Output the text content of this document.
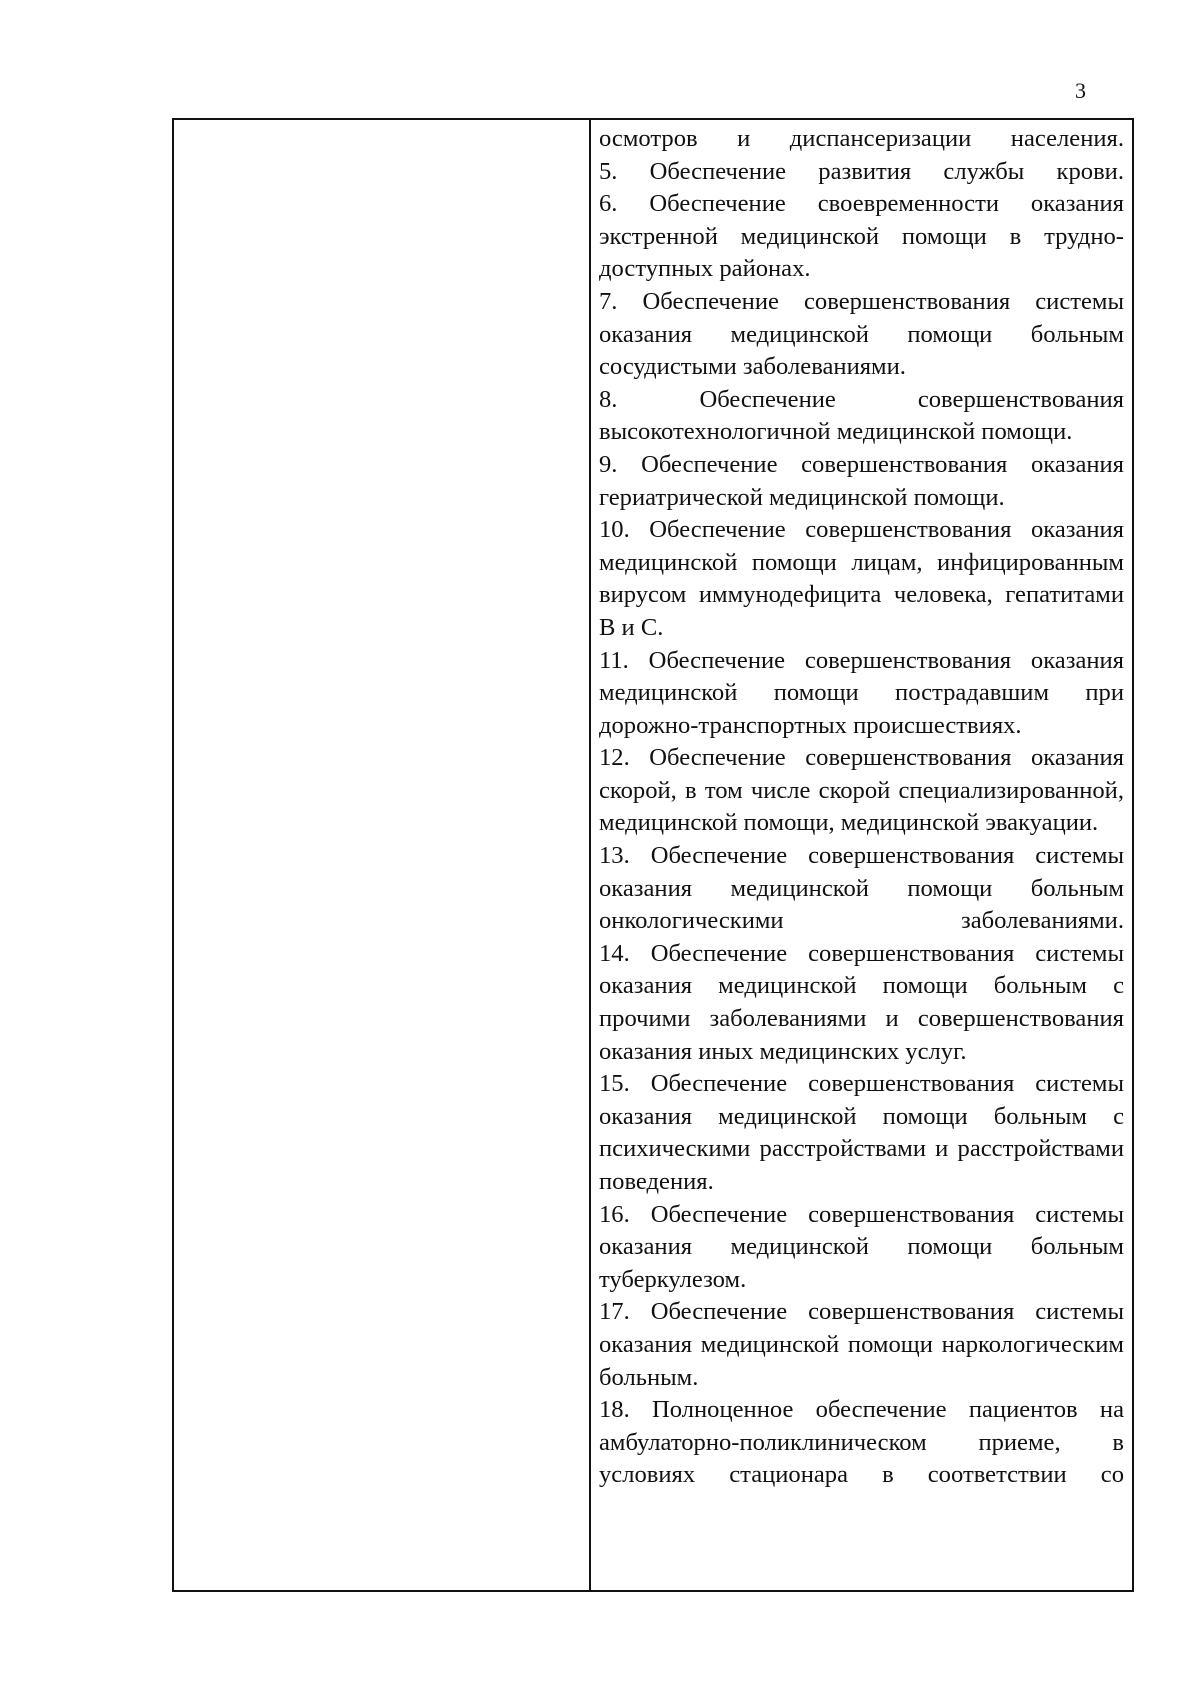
3

осмотров и диспансеризации населения.

5. Обеспечение развития службы крови.

6. Обеспечение своевременности оказания экстренной медицинской помощи в трудно-доступных районах.

7. Обеспечение совершенствования системы оказания медицинской помощи больным сосудистыми заболеваниями.

8. Обеспечение совершенствования высокотехнологичной медицинской помощи.

9. Обеспечение совершенствования оказания гериатрической медицинской помощи.

10. Обеспечение совершенствования оказания медицинской помощи лицам, инфицированным вирусом иммунодефицита человека, гепатитами В и С.

11. Обеспечение совершенствования оказания медицинской помощи пострадавшим при дорожно-транспортных происшествиях.

12. Обеспечение совершенствования оказания скорой, в том числе скорой специализированной, медицинской помощи, медицинской эвакуации.

13. Обеспечение совершенствования системы оказания медицинской помощи больным онкологическими заболеваниями.

14. Обеспечение совершенствования системы оказания медицинской помощи больным с прочими заболеваниями и совершенствования оказания иных медицинских услуг.

15. Обеспечение совершенствования системы оказания медицинской помощи больным с психическими расстройствами и расстройствами поведения.

16. Обеспечение совершенствования системы оказания медицинской помощи больным туберкулезом.

17. Обеспечение совершенствования системы оказания медицинской помощи наркологическим больным.

18. Полноценное обеспечение пациентов на амбулаторно-поликлиническом приеме, в условиях стационара в соответствии со
